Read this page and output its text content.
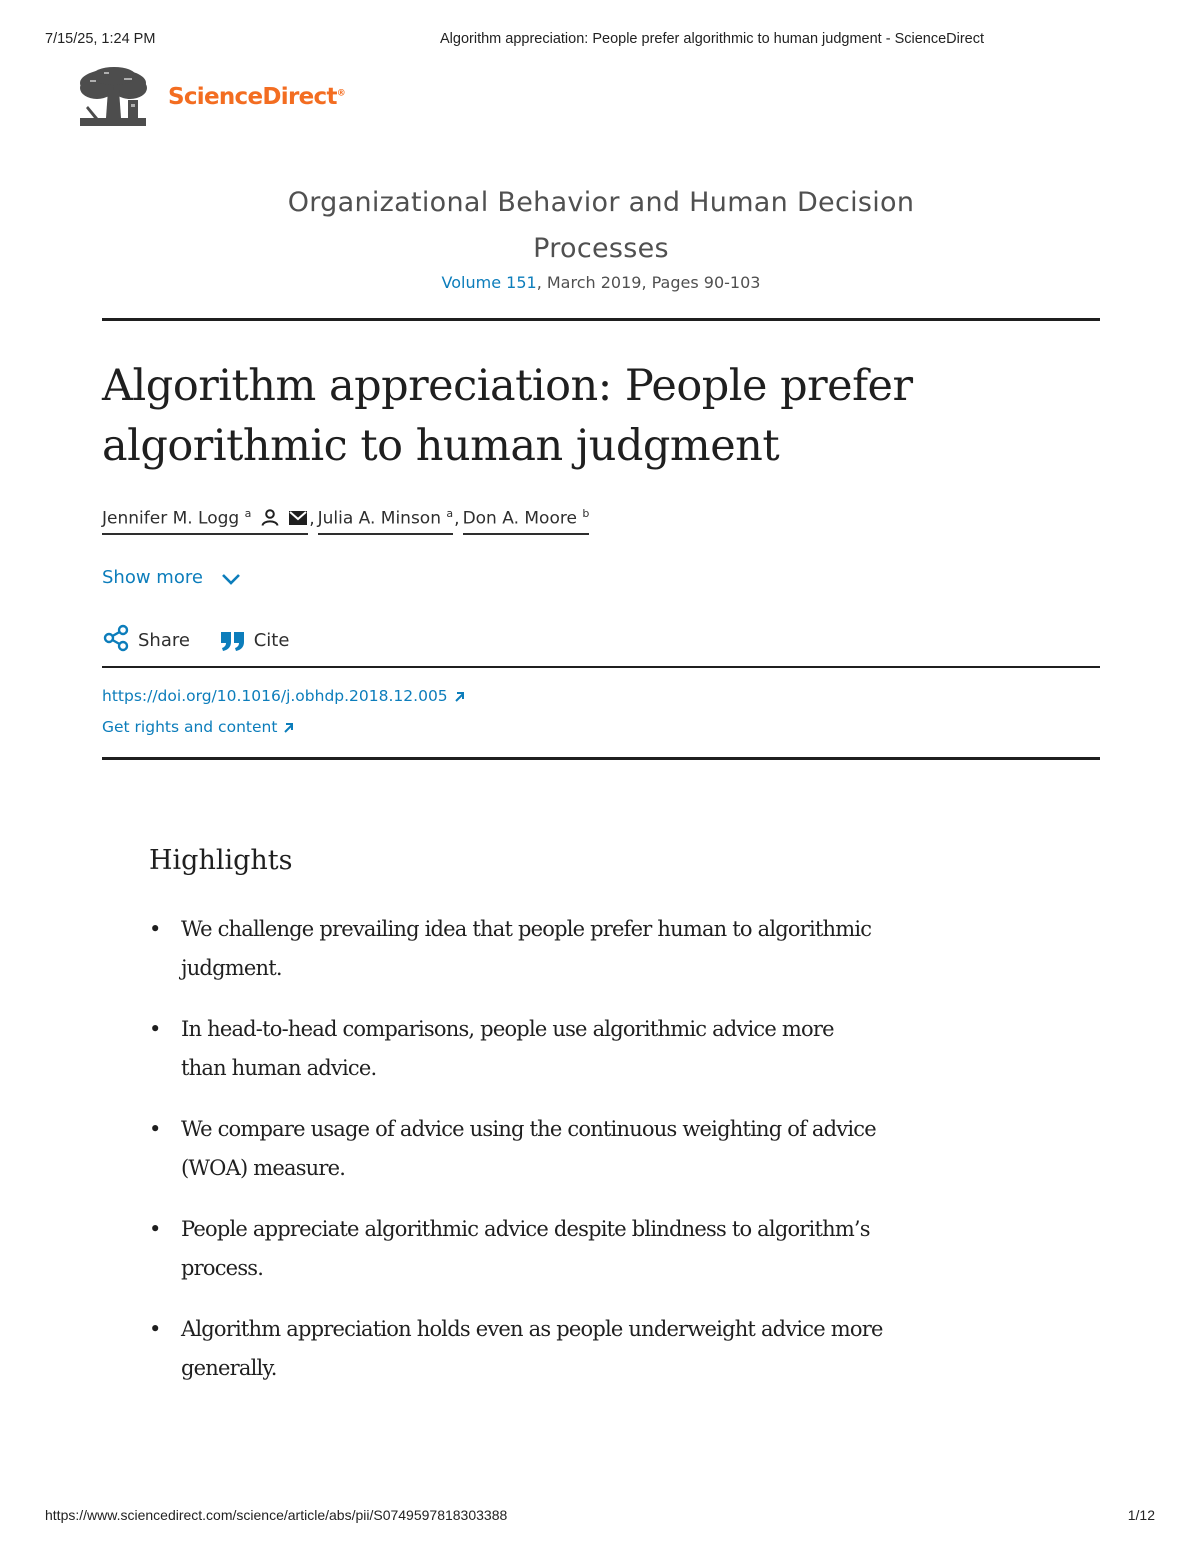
7/15/25, 1:24 PM	Algorithm appreciation: People prefer algorithmic to human judgment - ScienceDirect
ScienceDirect®
Organizational Behavior and Human Decision
Processes
Volume 151, March 2019, Pages 90-103
Algorithm appreciation: People prefer
algorithmic to human judgment
Jennifer M. Logg $^a$	, Julia A. Minson $^a$, Don A. Moore $^b$
Show more
Share	Cite
https://doi.org/10.1016/j.obhdp.2018.12.005
Get rights and content
Highlights
• We challenge prevailing idea that people prefer human to algorithmic
judgment.
• In head-to-head comparisons, people use algorithmic advice more
than human advice.
• We compare usage of advice using the continuous weighting of advice
(WOA) measure.
• People appreciate algorithmic advice despite blindness to algorithm’s
process.
• Algorithm appreciation holds even as people underweight advice more
generally.
https://www.sciencedirect.com/science/article/abs/pii/S0749597818303388	1/12
